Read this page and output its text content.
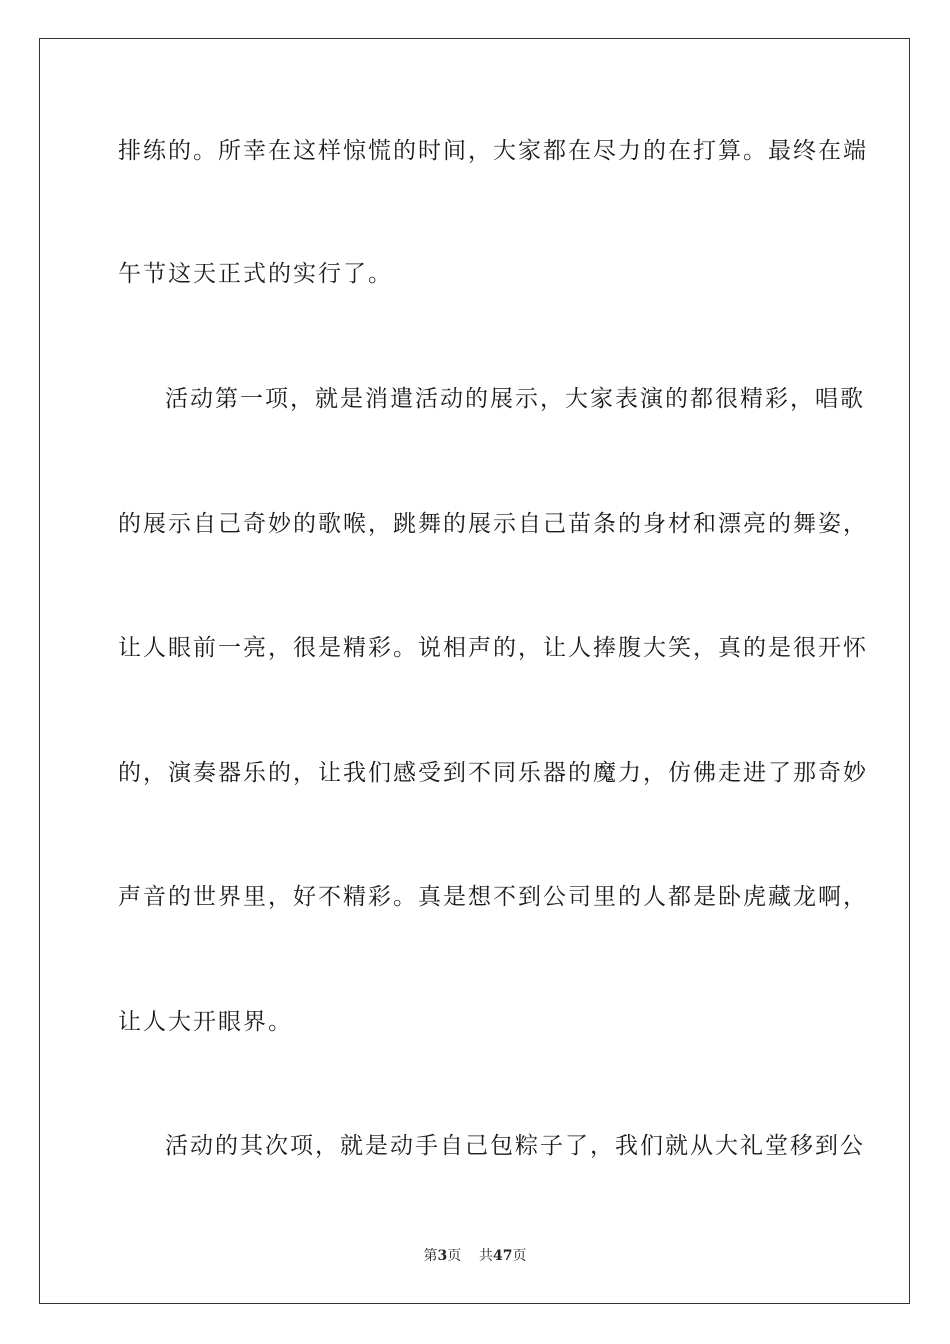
排练的。所幸在这样惊慌的时间，大家都在尽力的在打算。最终在端
午节这天正式的实行了。
活动第一项，就是消遣活动的展示，大家表演的都很精彩，唱歌
的展示自己奇妙的歌喉，跳舞的展示自己苗条的身材和漂亮的舞姿，
让人眼前一亮，很是精彩。说相声的，让人捧腹大笑，真的是很开怀
的，演奏器乐的，让我们感受到不同乐器的魔力，仿佛走进了那奇妙
声音的世界里，好不精彩。真是想不到公司里的人都是卧虎藏龙啊，
让人大开眼界。
活动的其次项，就是动手自己包粽子了，我们就从大礼堂移到公
第3页 共47页
